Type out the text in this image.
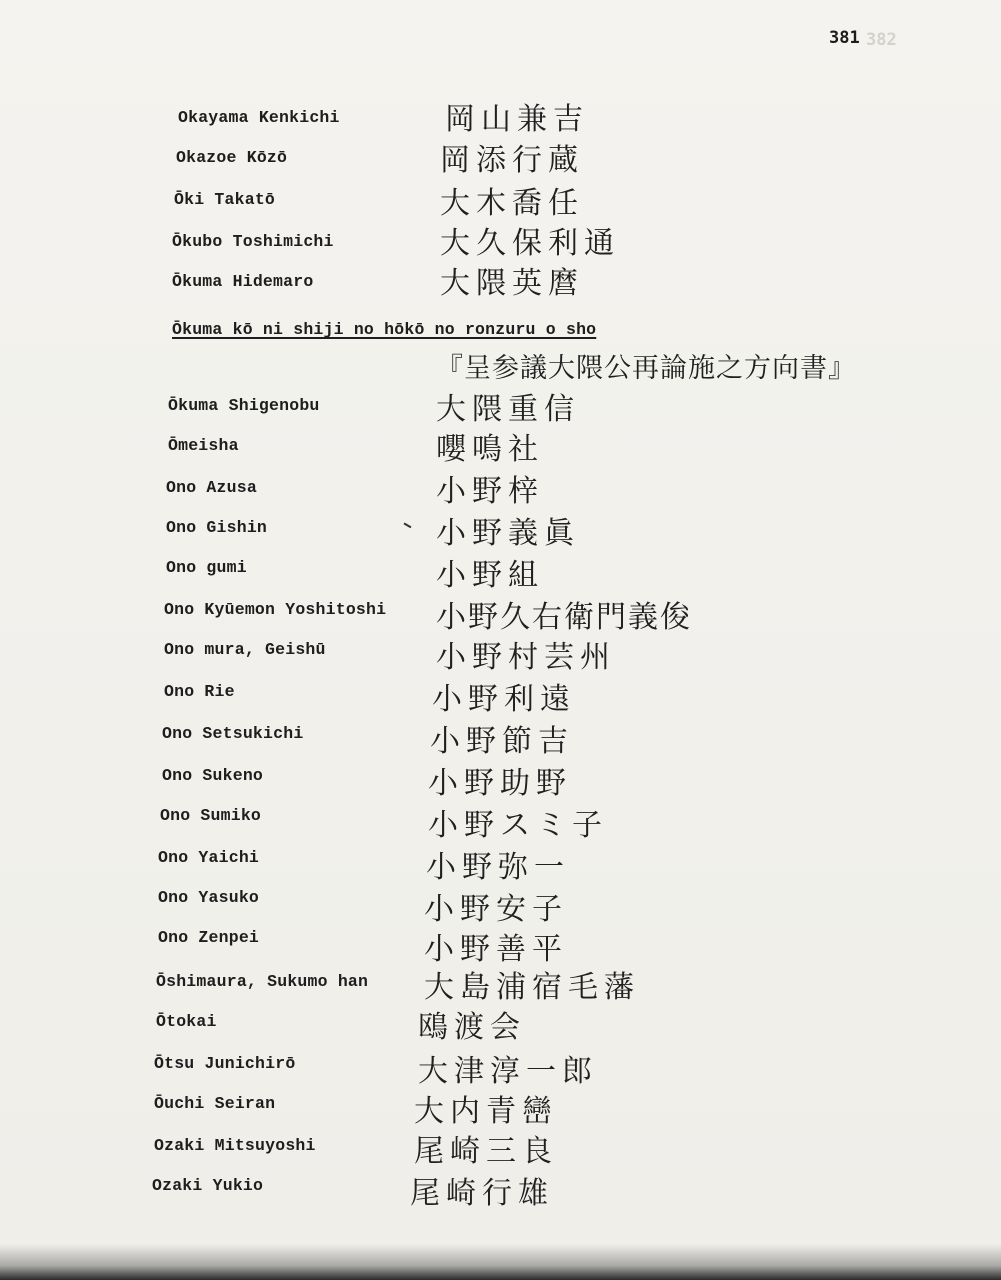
382
381
Okayama Kenkichi	岡山兼吉
Okazoe Kōzō	岡添行蔵
Ōki Takatō	大木喬任
Ōkubo Toshimichi	大久保利通
Ōkuma Hidemaro	大隈英麿
Ōkuma kō ni shiji no hōkō no ronzuru o sho
『呈参議大隈公再論施之方向書』
Ōkuma Shigenobu	大隈重信
Ōmeisha	嚶鳴社
Ono Azusa	小野梓
Ono Gishin	小野義眞
Ono gumi	小野組
Ono Kyūemon Yoshitoshi 小野久右衛門義俊
Ono mura, Geishū	小野村芸州
Ono Rie	小野利遠
Ono Setsukichi	小野節吉
Ono Sukeno	小野助野
Ono Sumiko	小野スミ子
Ono Yaichi	小野弥一
Ono Yasuko	小野安子
Ono Zenpei	小野善平
Ōshimaura, Sukumo han 大島浦宿毛藩
Ōtokai	鴎渡会
Ōtsu Junichirō	大津淳一郎
Ōuchi Seiran	大内青巒
Ozaki Mitsuyoshi	尾崎三良
Ozaki Yukio	尾崎行雄
